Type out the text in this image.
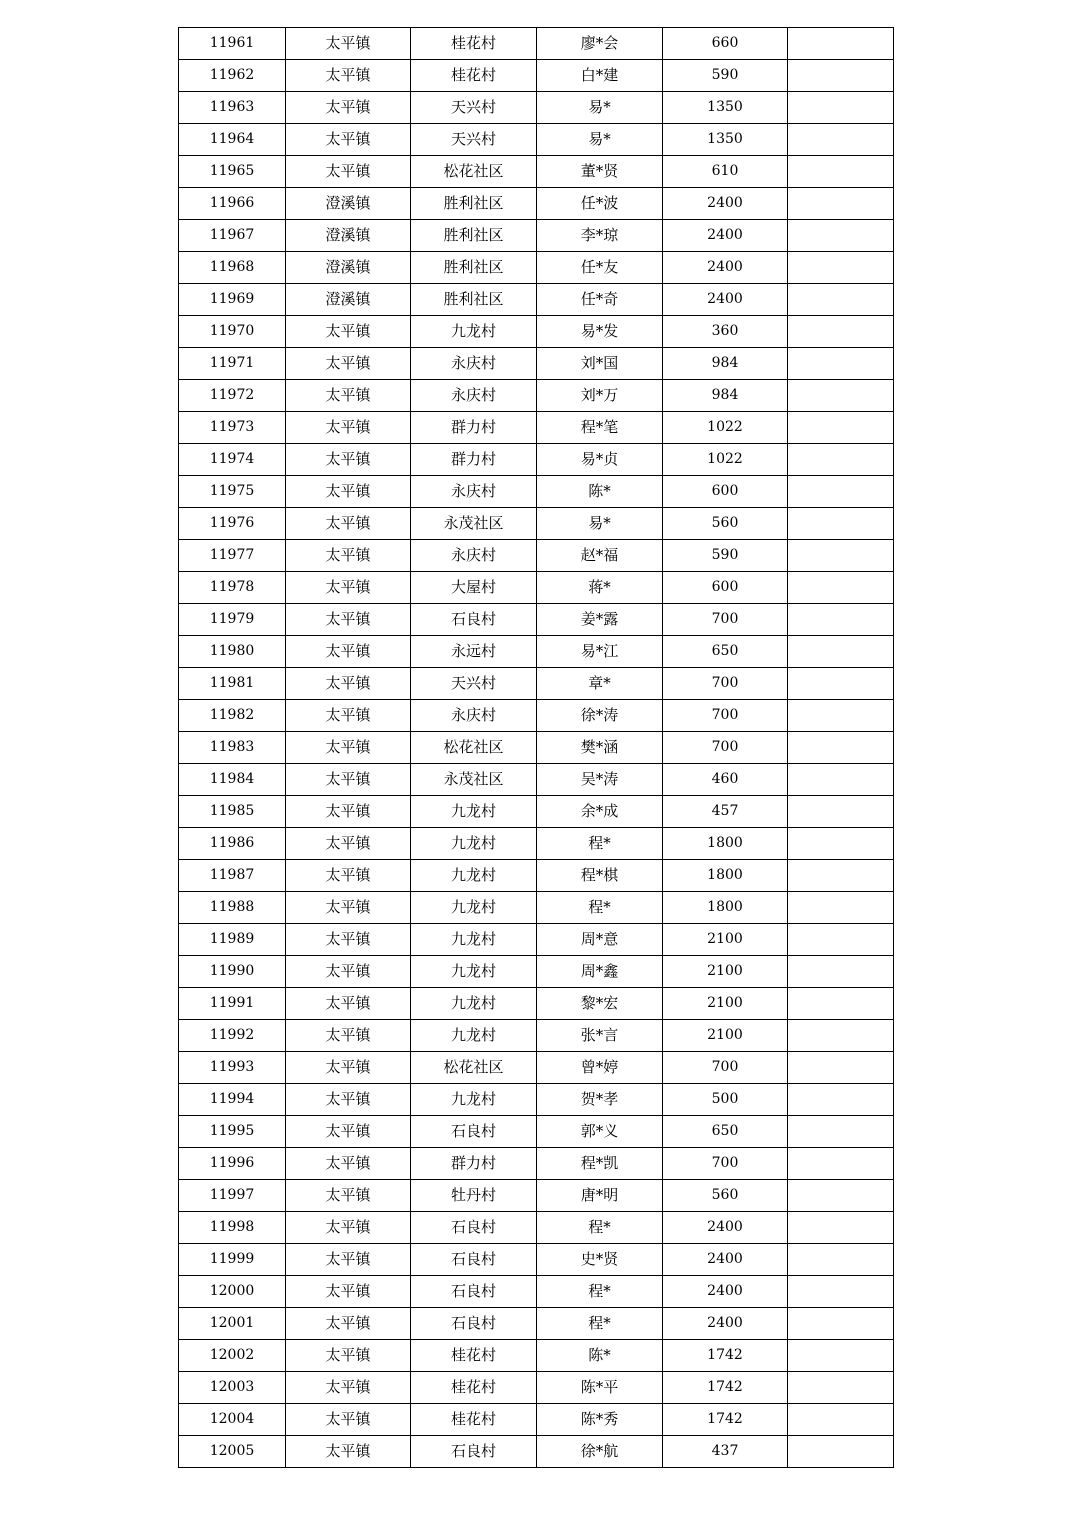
11961	太平镇	桂花村	廖*会	660	
11962	太平镇	桂花村	白*建	590	
11963	太平镇	天兴村	易*	1350	
11964	太平镇	天兴村	易*	1350	
11965	太平镇	松花社区	董*贤	610	
11966	澄溪镇	胜利社区	任*波	2400	
11967	澄溪镇	胜利社区	李*琼	2400	
11968	澄溪镇	胜利社区	任*友	2400	
11969	澄溪镇	胜利社区	任*奇	2400	
11970	太平镇	九龙村	易*发	360	
11971	太平镇	永庆村	刘*国	984	
11972	太平镇	永庆村	刘*万	984	
11973	太平镇	群力村	程*笔	1022	
11974	太平镇	群力村	易*贞	1022	
11975	太平镇	永庆村	陈*	600	
11976	太平镇	永茂社区	易*	560	
11977	太平镇	永庆村	赵*福	590	
11978	太平镇	大屋村	蒋*	600	
11979	太平镇	石良村	姜*露	700	
11980	太平镇	永远村	易*江	650	
11981	太平镇	天兴村	章*	700	
11982	太平镇	永庆村	徐*涛	700	
11983	太平镇	松花社区	樊*涵	700	
11984	太平镇	永茂社区	吴*涛	460	
11985	太平镇	九龙村	余*成	457	
11986	太平镇	九龙村	程*	1800	
11987	太平镇	九龙村	程*棋	1800	
11988	太平镇	九龙村	程*	1800	
11989	太平镇	九龙村	周*意	2100	
11990	太平镇	九龙村	周*鑫	2100	
11991	太平镇	九龙村	黎*宏	2100	
11992	太平镇	九龙村	张*言	2100	
11993	太平镇	松花社区	曾*婷	700	
11994	太平镇	九龙村	贺*孝	500	
11995	太平镇	石良村	郭*义	650	
11996	太平镇	群力村	程*凯	700	
11997	太平镇	牡丹村	唐*明	560	
11998	太平镇	石良村	程*	2400	
11999	太平镇	石良村	史*贤	2400	
12000	太平镇	石良村	程*	2400	
12001	太平镇	石良村	程*	2400	
12002	太平镇	桂花村	陈*	1742	
12003	太平镇	桂花村	陈*平	1742	
12004	太平镇	桂花村	陈*秀	1742	
12005	太平镇	石良村	徐*航	437	
